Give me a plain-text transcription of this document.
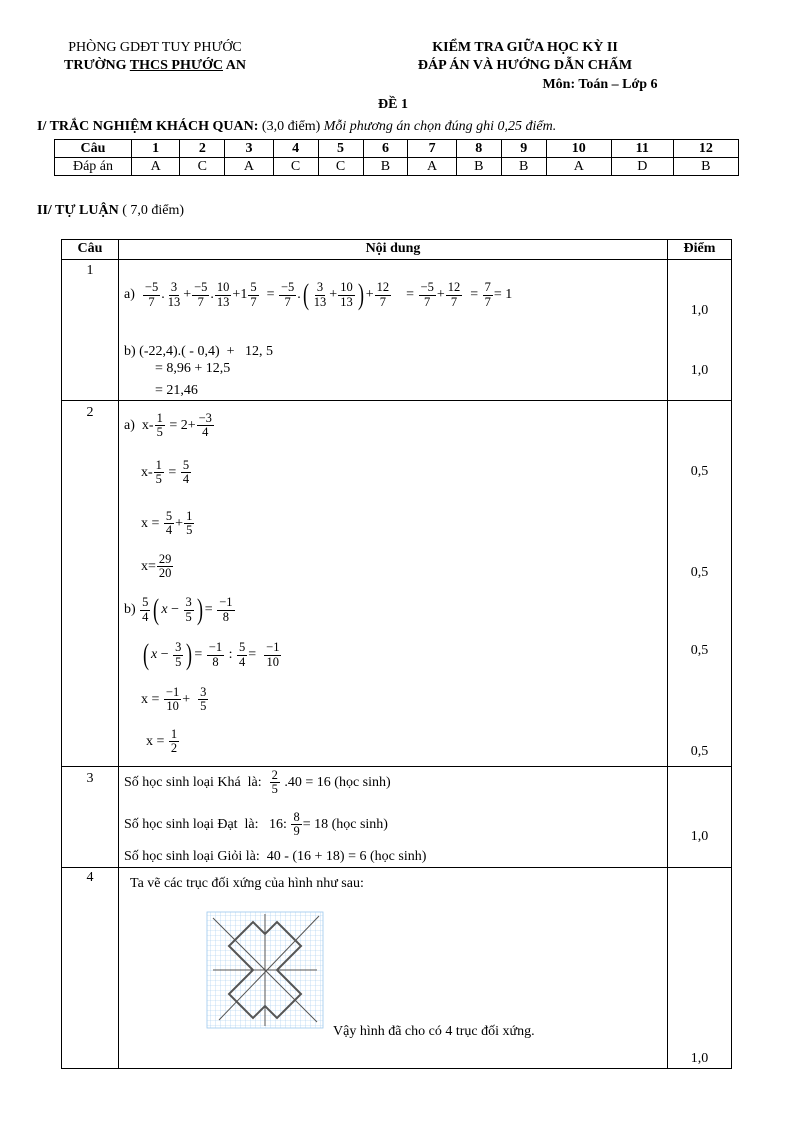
PHÒNG GDĐT TUY PHƯỚC
TRƯỜNG THCS PHƯỚC AN
KIỂM TRA GIỮA HỌC KỲ II
ĐÁP ÁN VÀ HƯỚNG DẪN CHẤM
Môn: Toán – Lớp 6
ĐỀ 1
I/ TRẮC NGHIỆM KHÁCH QUAN: (3,0 điểm) Mỗi phương án chọn đúng ghi 0,25 điểm.
Câu	1	2	3	4	5	6	7	8	9	10	11	12
Đáp án	A	C	A	C	C	B	A	B	B	A	D	B
II/ TỰ LUẬN ( 7,0 điểm)
Câu	Nội dung	Điểm
1
$a) \frac{-5}{7}$ . $\frac{3}{13} + \frac{-5}{7}$ . $\frac{10}{13} +1 \frac{5}{7} = \frac{-5}{7}$ .( $\frac{3}{13} + \frac{10}{13}$ ) + $\frac{12}{7} = \frac{-5}{7} + \frac{12}{7} = \frac{7}{7} = 1$
1,0
b) (-22,4).( - 0,4)  +   12, 5
= 8,96 + 12,5
= 21,46
1,0
2
a)  $x- \frac{1}{5} = 2+ \frac{-3}{4}$
$x- \frac{1}{5} = \frac{5}{4}$	0,5
$x = \frac{5}{4} + \frac{1}{5}$
$x= \frac{29}{20}$	0,5
$b) \frac{5}{4}$ ( $x - \frac{3}{5}$ ) = $\frac{-1}{8}$
( $x - \frac{3}{5}$ ) = $\frac{-1}{8}$ : $\frac{5}{4} = \frac{-1}{10}$	0,5
$x = \frac{-1}{10} + \frac{3}{5}$
$x = \frac{1}{2}$	0,5
3	Số học sinh loại Khá  là: $\frac{2}{5} .40 = 16$ (học sinh)
Số học sinh loại Đạt  là:   16: $\frac{8}{9} = 18$ (học sinh)
Số học sinh loại Giỏi là:  40 - (16 + 18) = 6 (học sinh)
1,0
4	Ta vẽ các trục đối xứng của hình như sau:
Vậy hình đã cho có 4 trục đối xứng.
1,0
